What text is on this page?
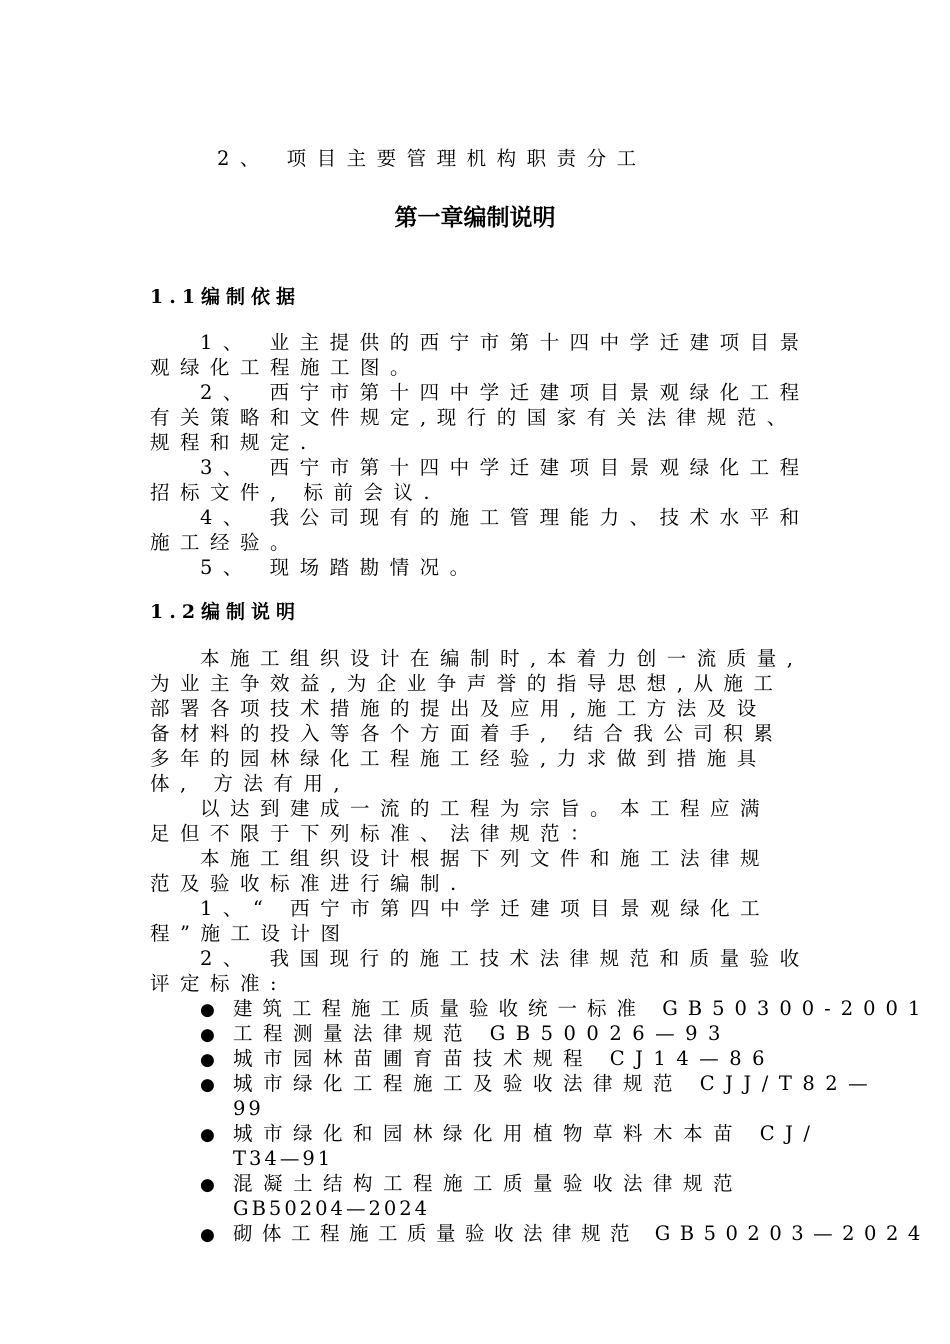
2、 项目主要管理机构职责分工
第一章编制说明
1.1编制依据
1、 业主提供的西宁市第十四中学迁建项目景
观绿化工程施工图。
2、 西宁市第十四中学迁建项目景观绿化工程
有关策略和文件规定,现行的国家有关法律规范、
规程和规定.
3、 西宁市第十四中学迁建项目景观绿化工程
招标文件, 标前会议.
4、 我公司现有的施工管理能力、技术水平和
施工经验。
5、 现场踏勘情况。
1.2编制说明
本施工组织设计在编制时,本着力创一流质量,
为业主争效益,为企业争声誉的指导思想,从施工
部署各项技术措施的提出及应用,施工方法及设
备材料的投入等各个方面着手, 结合我公司积累
多年的园林绿化工程施工经验,力求做到措施具
体, 方法有用,
以达到建成一流的工程为宗旨。本工程应满
足但不限于下列标准、法律规范：
本施工组织设计根据下列文件和施工法律规
范及验收标准进行编制.
1、“ 西宁市第四中学迁建项目景观绿化工
程”施工设计图
2、 我国现行的施工技术法律规范和质量验收
评定标准:
● 建筑工程施工质量验收统一标准 GB50300-2001
● 工程测量法律规范 GB50026—93
● 城市园林苗圃育苗技术规程 CJ14—86
● 城市绿化工程施工及验收法律规范 CJJ/T82—
99
● 城市绿化和园林绿化用植物草料木本苗 CJ/
T34—91
● 混凝土结构工程施工质量验收法律规范
GB50204—2024
● 砌体工程施工质量验收法律规范 GB50203—2024
